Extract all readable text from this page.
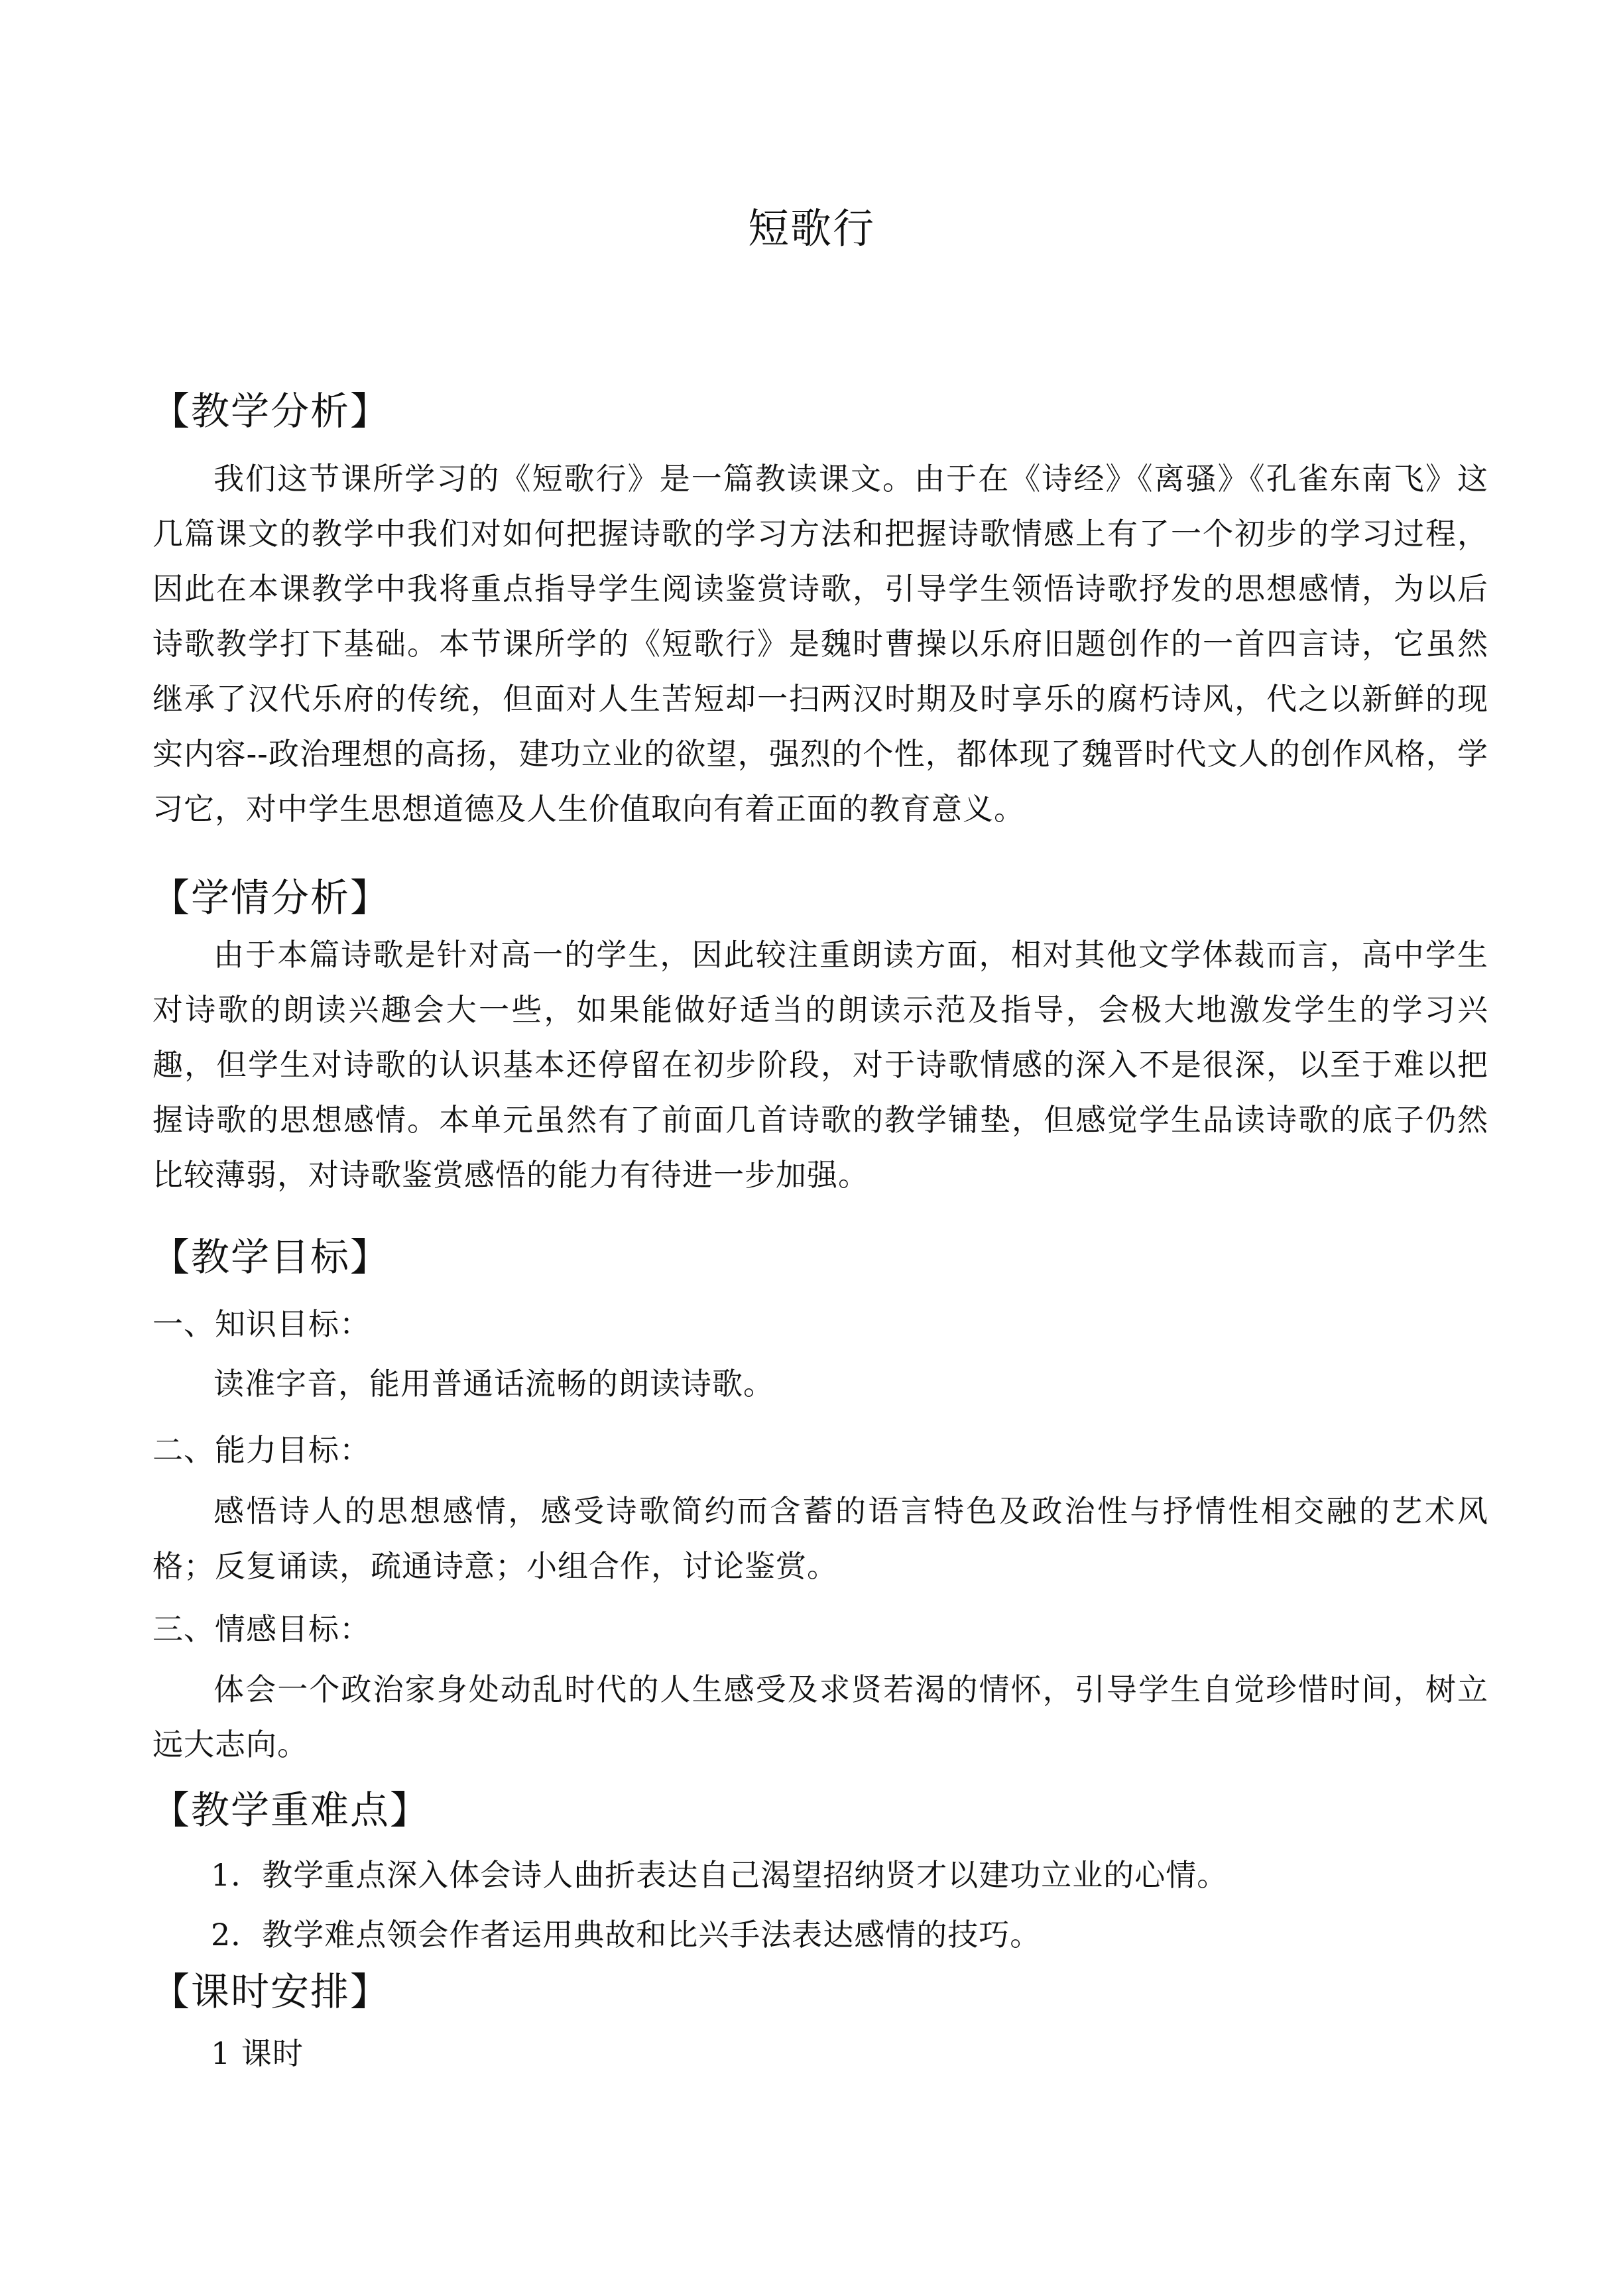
短歌行
【教学分析】
我们这节课所学习的《短歌行》是一篇教读课文。由于在《诗经》《离骚》《孔雀东南飞》这几篇课文的教学中我们对如何把握诗歌的学习方法和把握诗歌情感上有了一个初步的学习过程，因此在本课教学中我将重点指导学生阅读鉴赏诗歌，引导学生领悟诗歌抒发的思想感情，为以后诗歌教学打下基础。本节课所学的《短歌行》是魏时曹操以乐府旧题创作的一首四言诗，它虽然继承了汉代乐府的传统，但面对人生苦短却一扫两汉时期及时享乐的腐朽诗风，代之以新鲜的现实内容--政治理想的高扬，建功立业的欲望，强烈的个性，都体现了魏晋时代文人的创作风格，学习它，对中学生思想道德及人生价值取向有着正面的教育意义。
【学情分析】
由于本篇诗歌是针对高一的学生，因此较注重朗读方面，相对其他文学体裁而言，高中学生对诗歌的朗读兴趣会大一些，如果能做好适当的朗读示范及指导，会极大地激发学生的学习兴趣，但学生对诗歌的认识基本还停留在初步阶段，对于诗歌情感的深入不是很深，以至于难以把握诗歌的思想感情。本单元虽然有了前面几首诗歌的教学铺垫，但感觉学生品读诗歌的底子仍然比较薄弱，对诗歌鉴赏感悟的能力有待进一步加强。
【教学目标】
一、知识目标：
读准字音，能用普通话流畅的朗读诗歌。
二、能力目标：
感悟诗人的思想感情，感受诗歌简约而含蓄的语言特色及政治性与抒情性相交融的艺术风格；反复诵读，疏通诗意；小组合作，讨论鉴赏。
三、情感目标：
体会一个政治家身处动乱时代的人生感受及求贤若渴的情怀，引导学生自觉珍惜时间，树立远大志向。
【教学重难点】
1．教学重点深入体会诗人曲折表达自己渴望招纳贤才以建功立业的心情。
2．教学难点领会作者运用典故和比兴手法表达感情的技巧。
【课时安排】
1 课时
